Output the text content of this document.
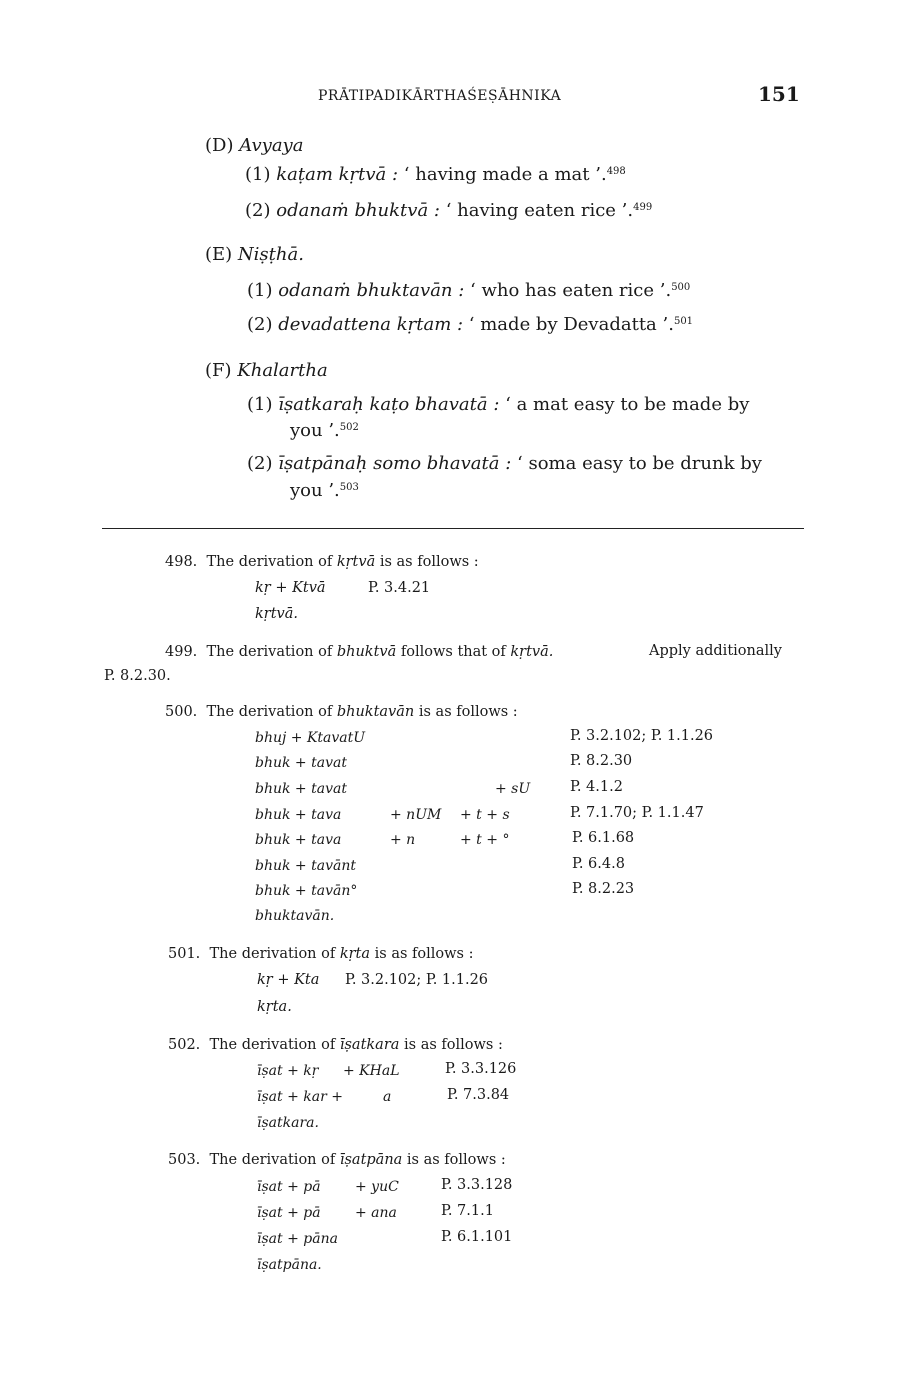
PRĀTIPADIKĀRTHAŚEṢĀHNIKA	151
(D) Avyaya
(1) kaṭam kṛtvā : ‘ having made a mat ’.$^{498}$
(2) odanaṁ bhuktvā : ‘ having eaten rice ’.$^{499}$
(E) Niṣṭhā.
(1) odanaṁ bhuktavān : ‘ who has eaten rice ’.$^{500}$
(2) devadattena kṛtam : ‘ made by Devadatta ’.$^{501}$
(F) Khalartha
(1) īṣatkaraḥ kaṭo bhavatā : ‘ a mat easy to be made by
you ’.$^{502}$
(2) īṣatpānaḥ somo bhavatā : ‘ soma easy to be drunk by
you ’.$^{503}$
498. The derivation of kṛtvā is as follows :
kṛ + Ktvā	P. 3.4.21
kṛtvā.
499. The derivation of bhuktvā follows that of kṛtvā.	Apply additionally
P. 8.2.30.
500. The derivation of bhuktavān is as follows :
bhuj + KtavatU	P. 3.2.102; P. 1.1.26
bhuk + tavat	P. 8.2.30
bhuk + tavat	+ sU	P. 4.1.2
bhuk + tava	+ nUM + t + s	P. 7.1.70; P. 1.1.47
bhuk + tava	+ n	+ t + °	P. 6.1.68
bhuk + tavānt	P. 6.4.8
bhuk + tavān°	P. 8.2.23
bhuktavān.
501. The derivation of kṛta is as follows :
kṛ + Kta P. 3.2.102; P. 1.1.26
kṛta.
502. The derivation of īṣatkara is as follows :
īṣat + kṛ + KHaL	P. 3.3.126
īṣat + kar +	a	P. 7.3.84
īṣatkara.
503. The derivation of īṣatpāna is as follows :
īṣat + pā + yuC	P. 3.3.128
īṣat + pā + ana	P. 7.1.1
īṣat + pāna	P. 6.1.101
īṣatpāna.
